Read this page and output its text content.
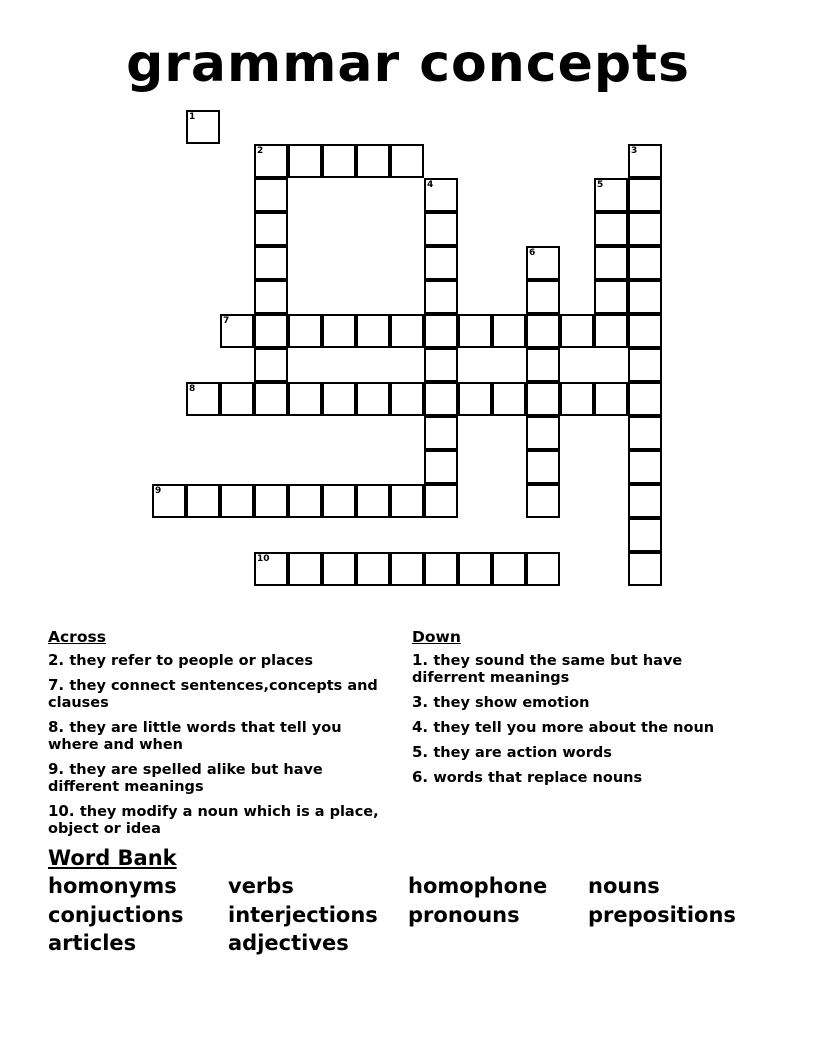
grammar concepts
1
2	3
4	5
6
7
8
9
10
Across
2. they refer to people or places
7. they connect sentences,concepts and clauses
8. they are little words that tell you where and when
9. they are spelled alike but have different meanings
10. they modify a noun which is a place, object or idea
Down
1. they sound the same but have diferrent meanings
3. they show emotion
4. they tell you more about the noun
5. they are action words
6. words that replace nouns
Word Bank
homonyms	verbs	homophone	nouns
conjuctions	interjections	pronouns	prepositions
articles	adjectives
